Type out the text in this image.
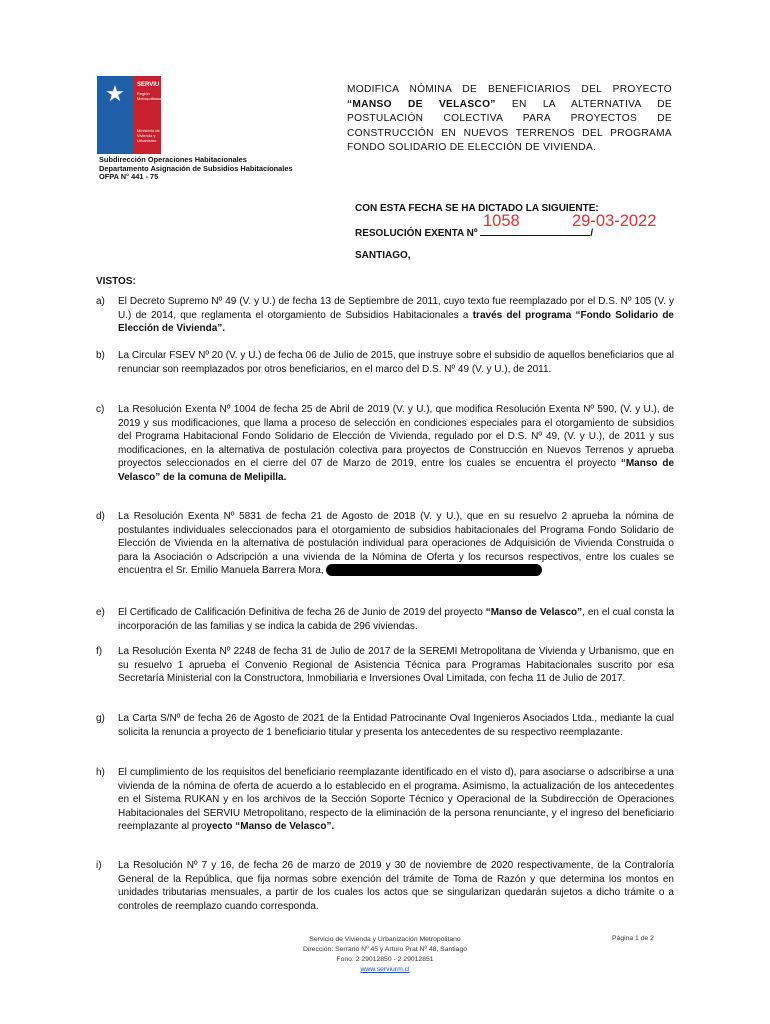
★	SERVIU
Región Metropolitana
Ministerio de Vivienda y Urbanismo
Subdirección Operaciones Habitacionales
Departamento Asignación de Subsidios Habitacionales
OFPA N° 441 - 75
MODIFICA NÓMINA DE BENEFICIARIOS DEL PROYECTO “MANSO DE VELASCO” EN LA ALTERNATIVA DE POSTULACIÓN COLECTIVA PARA PROYECTOS DE CONSTRUCCIÓN EN NUEVOS TERRENOS DEL PROGRAMA FONDO SOLIDARIO DE ELECCIÓN DE VIVIENDA.
CON ESTA FECHA SE HA DICTADO LA SIGUIENTE:
1058	29-03-2022
RESOLUCIÓN EXENTA Nº	/
SANTIAGO,
VISTOS:
a) El Decreto Supremo Nº 49 (V. y U.) de fecha 13 de Septiembre de 2011, cuyo texto fue reemplazado por el D.S. Nº 105 (V. y U.) de 2014, que reglamenta el otorgamiento de Subsidios Habitacionales a través del programa “Fondo Solidario de Elección de Vivienda”.
b) La Circular FSEV Nº 20 (V. y U.) de fecha 06 de Julio de 2015, que instruye sobre el subsidio de aquellos beneficiarios que al renunciar son reemplazados por otros beneficiarios, en el marco del D.S. Nº 49 (V. y U.), de 2011.
c) La Resolución Exenta Nº 1004 de fecha 25 de Abril de 2019 (V. y U.), que modifica Resolución Exenta Nº 590, (V. y U.), de 2019 y sus modificaciones, que llama a proceso de selección en condiciones especiales para el otorgamiento de subsidios del Programa Habitacional Fondo Solidario de Elección de Vivienda, regulado por el D.S. Nº 49, (V. y U.), de 2011 y sus modificaciones, en la alternativa de postulación colectiva para proyectos de Construcción en Nuevos Terrenos y aprueba proyectos seleccionados en el cierre del 07 de Marzo de 2019, entre los cuales se encuentra el proyecto “Manso de Velasco” de la comuna de Melipilla.
d) La Resolución Exenta Nº 5831 de fecha 21 de Agosto de 2018 (V. y U.), que en su resuelvo 2 aprueba la nómina de postulantes individuales seleccionados para el otorgamiento de subsidios habitacionales del Programa Fondo Solidario de Elección de Vivienda en la alternativa de postulación individual para operaciones de Adquisición de Vivienda Construida o para la Asociación o Adscripción a una vivienda de la Nómina de Oferta y los recursos respectivos, entre los cuales se encuentra el Sr. Emilio Manuela Barrera Mora,
e) El Certificado de Calificación Definitiva de fecha 26 de Junio de 2019 del proyecto “Manso de Velasco”, en el cual consta la incorporación de las familias y se indica la cabida de 296 viviendas.
f) La Resolución Exenta Nº 2248 de fecha 31 de Julio de 2017 de la SEREMI Metropolitana de Vivienda y Urbanismo, que en su resuelvo 1 aprueba el Convenio Regional de Asistencia Técnica para Programas Habitacionales suscrito por esa Secretaría Ministerial con la Constructora, Inmobiliaria e Inversiones Oval Limitada, con fecha 11 de Julio de 2017.
g) La Carta S/Nº de fecha 26 de Agosto de 2021 de la Entidad Patrocinante Oval Ingenieros Asociados Ltda., mediante la cual solicita la renuncia a proyecto de 1 beneficiario titular y presenta los antecedentes de su respectivo reemplazante.
h) El cumplimiento de los requisitos del beneficiario reemplazante identificado en el visto d), para asociarse o adscribirse a una vivienda de la nómina de oferta de acuerdo a lo establecido en el programa. Asimismo, la actualización de los antecedentes en el Sistema RUKAN y en los archivos de la Sección Soporte Técnico y Operacional de la Subdirección de Operaciones Habitacionales del SERVIU Metropolitano, respecto de la eliminación de la persona renunciante, y el ingreso del beneficiario reemplazante al proyecto “Manso de Velasco”.
i) La Resolución Nº 7 y 16, de fecha 26 de marzo de 2019 y 30 de noviembre de 2020 respectivamente, de la Contraloría General de la República, que fija normas sobre exención del trámite de Toma de Razón y que determina los montos en unidades tributarias mensuales, a partir de los cuales los actos que se singularizan quedarán sujetos a dicho trámite o a controles de reemplazo cuando corresponda.
Servicio de Vivienda y Urbanización Metropolitano
Dirección: Serrano Nº 45 y Arturo Prat Nº 48, Santiago
Fono: 2 29012850 - 2 29012851
www.serviurm.cl
Página 1 de 2
